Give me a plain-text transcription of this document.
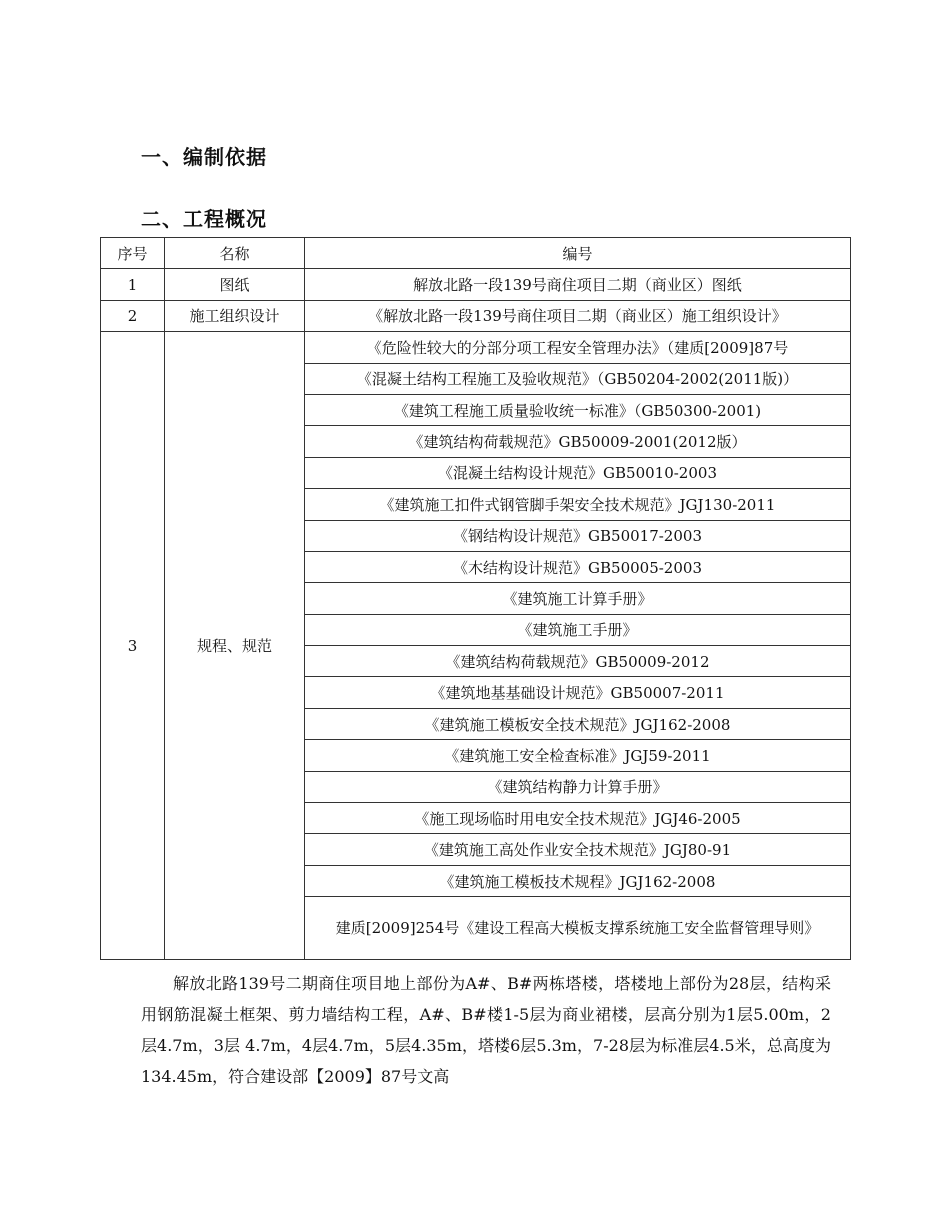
一、编制依据
二、工程概况
序号	名称	编号
1	图纸	解放北路一段139号商住项目二期（商业区）图纸
2	施工组织设计	《解放北路一段139号商住项目二期（商业区）施工组织设计》
3	规程、规范	《危险性较大的分部分项工程安全管理办法》（建质[2009]87号
		《混凝土结构工程施工及验收规范》（GB50204-2002(2011版)）
		《建筑工程施工质量验收统一标准》（GB50300-2001)
		《建筑结构荷载规范》GB50009-2001(2012版）
		《混凝土结构设计规范》GB50010-2003
		《建筑施工扣件式钢管脚手架安全技术规范》JGJ130-2011
		《钢结构设计规范》GB50017-2003
		《木结构设计规范》GB50005-2003
		《建筑施工计算手册》
		《建筑施工手册》
		《建筑结构荷载规范》GB50009-2012
		《建筑地基基础设计规范》GB50007-2011
		《建筑施工模板安全技术规范》JGJ162-2008
		《建筑施工安全检查标准》JGJ59-2011
		《建筑结构静力计算手册》
		《施工现场临时用电安全技术规范》JGJ46-2005
		《建筑施工高处作业安全技术规范》JGJ80-91
		《建筑施工模板技术规程》JGJ162-2008
		建质[2009]254号《建设工程高大模板支撑系统施工安全监督管理导则》
解放北路139号二期商住项目地上部份为A#、B#两栋塔楼，塔楼地上部份为28层，结构采用钢筋混凝土框架、剪力墙结构工程，A#、B#楼1-5层为商业裙楼，层高分别为1层5.00m，2层4.7m，3层 4.7m，4层4.7m，5层4.35m，塔楼6层5.3m，7-28层为标准层4.5米，总高度为134.45m，符合建设部【2009】87号文高
